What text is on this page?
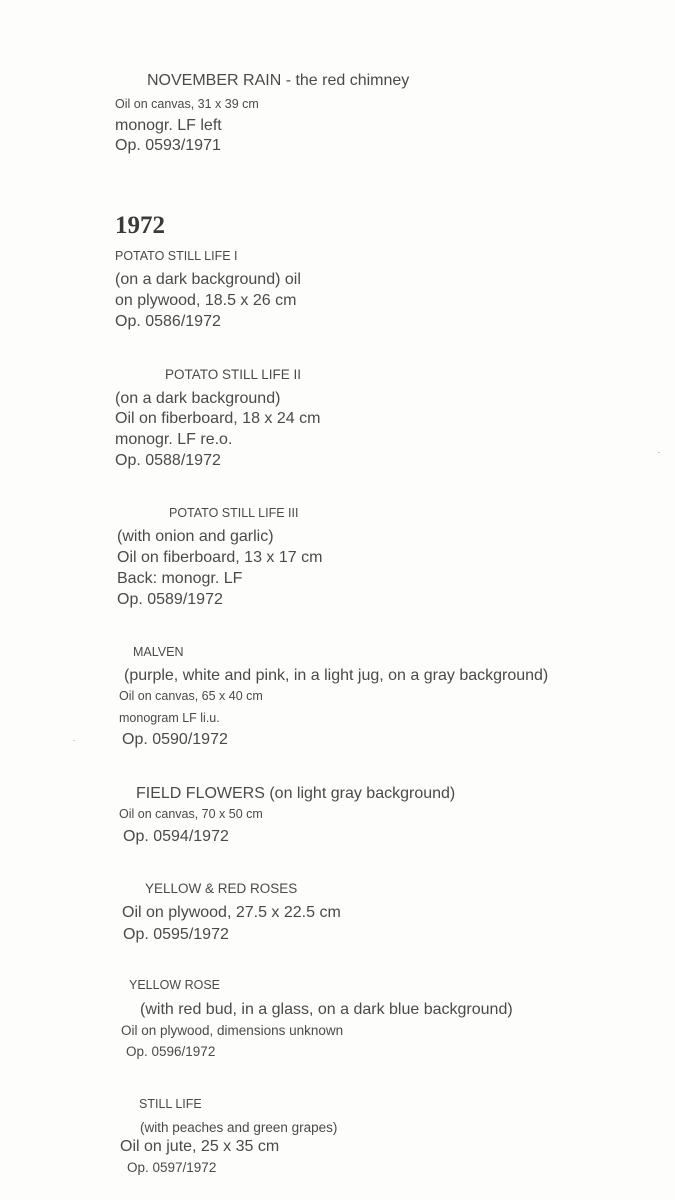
NOVEMBER RAIN - the red chimney
Oil on canvas, 31 x 39 cm
monogr. LF left
Op. 0593/1971
1972
POTATO STILL LIFE I
(on a dark background) oil
on plywood, 18.5 x 26 cm
Op. 0586/1972
POTATO STILL LIFE II
(on a dark background)
Oil on fiberboard, 18 x 24 cm
monogr. LF re.o.
Op. 0588/1972
POTATO STILL LIFE III
(with onion and garlic)
Oil on fiberboard, 13 x 17 cm
Back: monogr. LF
Op. 0589/1972
MALVEN
(purple, white and pink, in a light jug, on a gray background)
Oil on canvas, 65 x 40 cm
monogram LF li.u.
Op. 0590/1972
FIELD FLOWERS (on light gray background)
Oil on canvas, 70 x 50 cm
Op. 0594/1972
YELLOW & RED ROSES
Oil on plywood, 27.5 x 22.5 cm
Op. 0595/1972
YELLOW ROSE
(with red bud, in a glass, on a dark blue background)
Oil on plywood, dimensions unknown
Op. 0596/1972
STILL LIFE
(with peaches and green grapes)
Oil on jute, 25 x 35 cm
Op. 0597/1972
